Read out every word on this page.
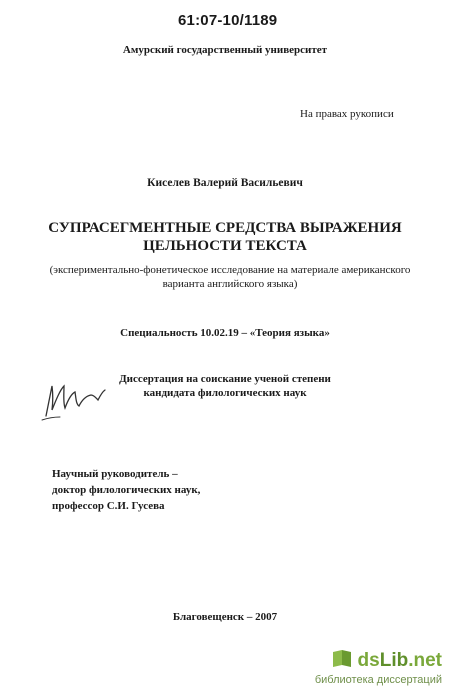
61:07-10/1189
Амурский государственный университет
На правах рукописи
Киселев Валерий Васильевич
СУПРАСЕГМЕНТНЫЕ СРЕДСТВА ВЫРАЖЕНИЯ
ЦЕЛЬНОСТИ ТЕКСТА
(экспериментально-фонетическое исследование на материале американского
варианта английского языка)
Специальность 10.02.19 – «Теория языка»
Диссертация на соискание ученой степени
кандидата филологических наук
Научный руководитель –
доктор филологических наук,
профессор С.И. Гусева
Благовещенск – 2007
dsLib.net
библиотека диссертаций
